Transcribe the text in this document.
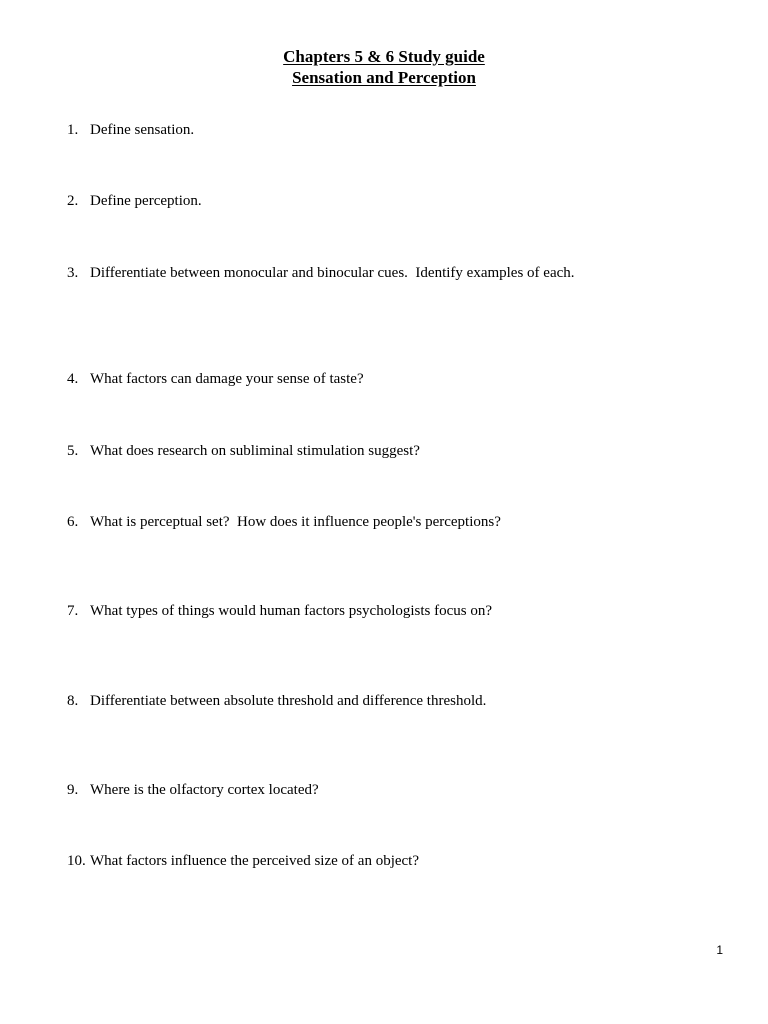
Chapters 5 & 6 Study guide
Sensation and Perception
1. Define sensation.
2. Define perception.
3. Differentiate between monocular and binocular cues.  Identify examples of each.
4. What factors can damage your sense of taste?
5. What does research on subliminal stimulation suggest?
6. What is perceptual set?  How does it influence people's perceptions?
7. What types of things would human factors psychologists focus on?
8. Differentiate between absolute threshold and difference threshold.
9. Where is the olfactory cortex located?
10. What factors influence the perceived size of an object?
1
